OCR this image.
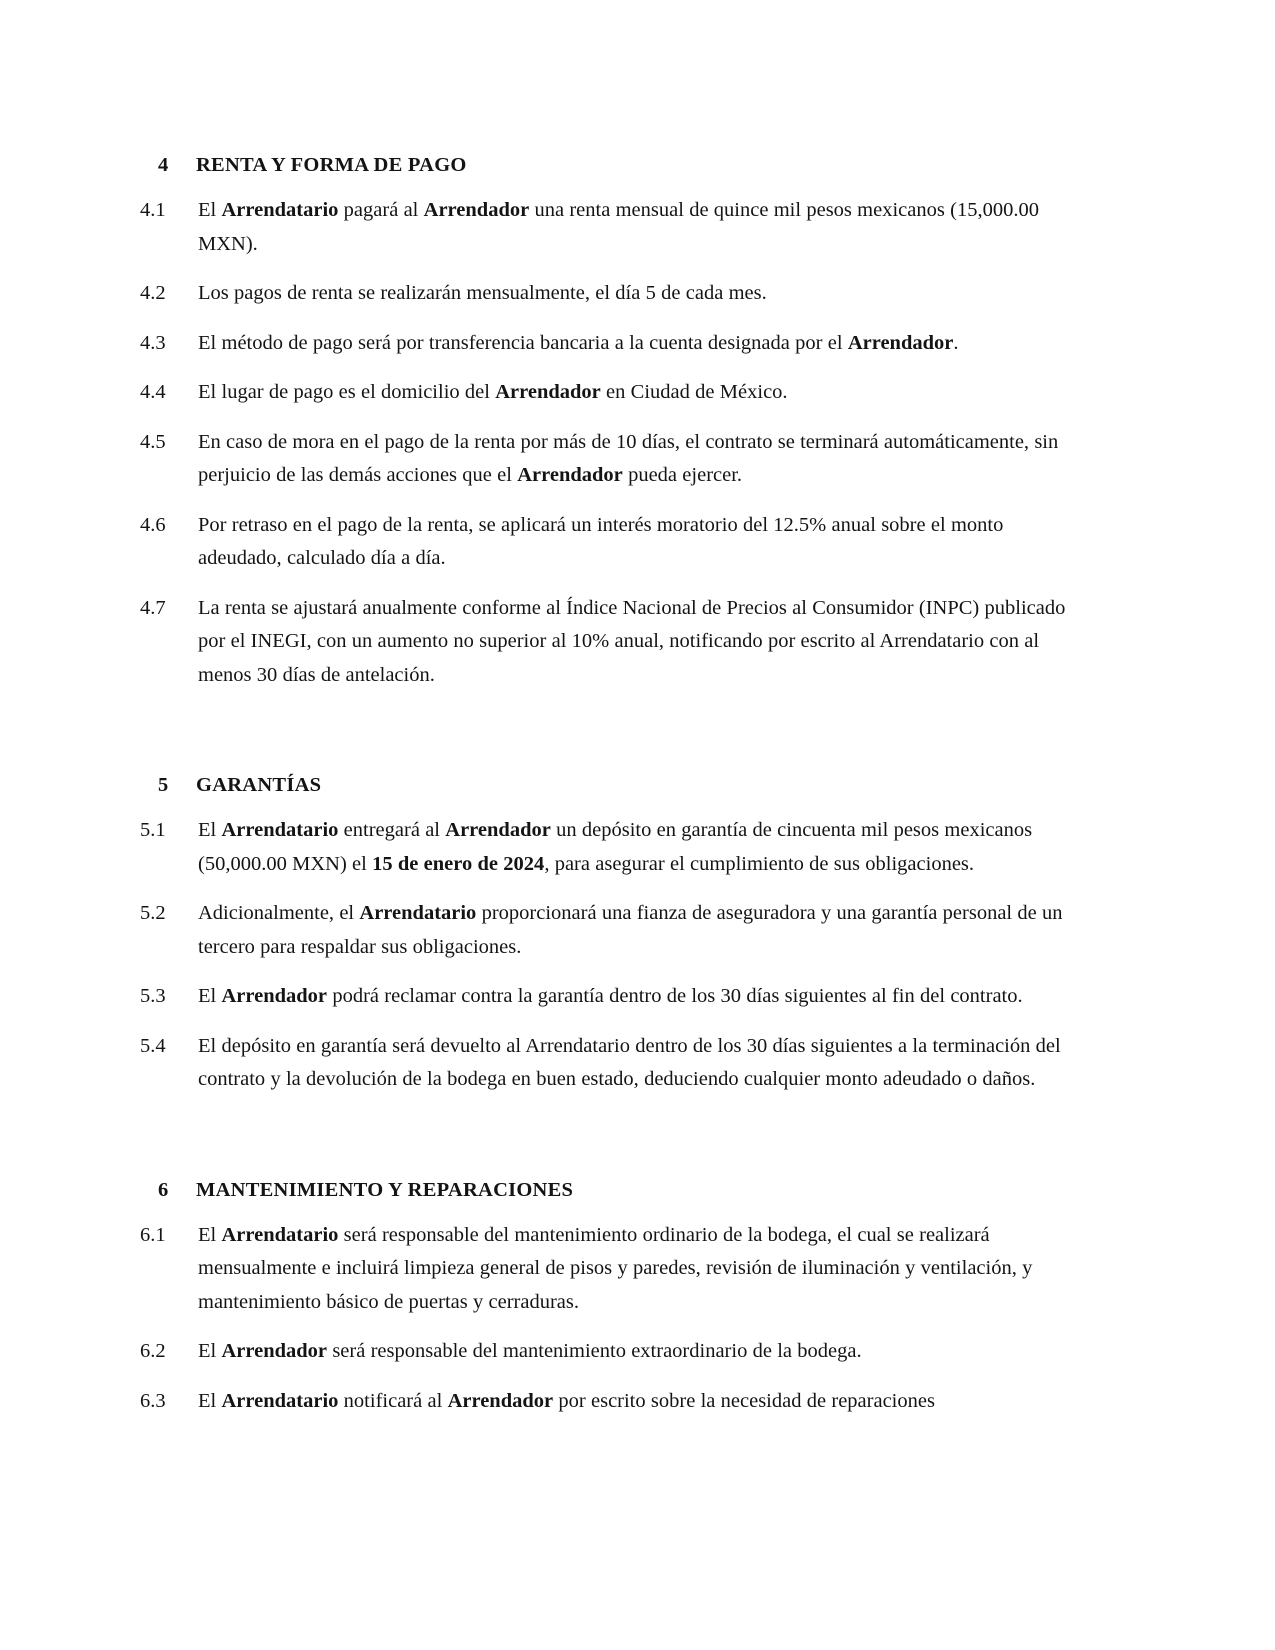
4	RENTA Y FORMA DE PAGO
4.1	El Arrendatario pagará al Arrendador una renta mensual de quince mil pesos mexicanos (15,000.00 MXN).
4.2	Los pagos de renta se realizarán mensualmente, el día 5 de cada mes.
4.3	El método de pago será por transferencia bancaria a la cuenta designada por el Arrendador.
4.4	El lugar de pago es el domicilio del Arrendador en Ciudad de México.
4.5	En caso de mora en el pago de la renta por más de 10 días, el contrato se terminará automáticamente, sin perjuicio de las demás acciones que el Arrendador pueda ejercer.
4.6	Por retraso en el pago de la renta, se aplicará un interés moratorio del 12.5% anual sobre el monto adeudado, calculado día a día.
4.7	La renta se ajustará anualmente conforme al Índice Nacional de Precios al Consumidor (INPC) publicado por el INEGI, con un aumento no superior al 10% anual, notificando por escrito al Arrendatario con al menos 30 días de antelación.
5	GARANTÍAS
5.1	El Arrendatario entregará al Arrendador un depósito en garantía de cincuenta mil pesos mexicanos (50,000.00 MXN) el 15 de enero de 2024, para asegurar el cumplimiento de sus obligaciones.
5.2	Adicionalmente, el Arrendatario proporcionará una fianza de aseguradora y una garantía personal de un tercero para respaldar sus obligaciones.
5.3	El Arrendador podrá reclamar contra la garantía dentro de los 30 días siguientes al fin del contrato.
5.4	El depósito en garantía será devuelto al Arrendatario dentro de los 30 días siguientes a la terminación del contrato y la devolución de la bodega en buen estado, deduciendo cualquier monto adeudado o daños.
6	MANTENIMIENTO Y REPARACIONES
6.1	El Arrendatario será responsable del mantenimiento ordinario de la bodega, el cual se realizará mensualmente e incluirá limpieza general de pisos y paredes, revisión de iluminación y ventilación, y mantenimiento básico de puertas y cerraduras.
6.2	El Arrendador será responsable del mantenimiento extraordinario de la bodega.
6.3	El Arrendatario notificará al Arrendador por escrito sobre la necesidad de reparaciones
